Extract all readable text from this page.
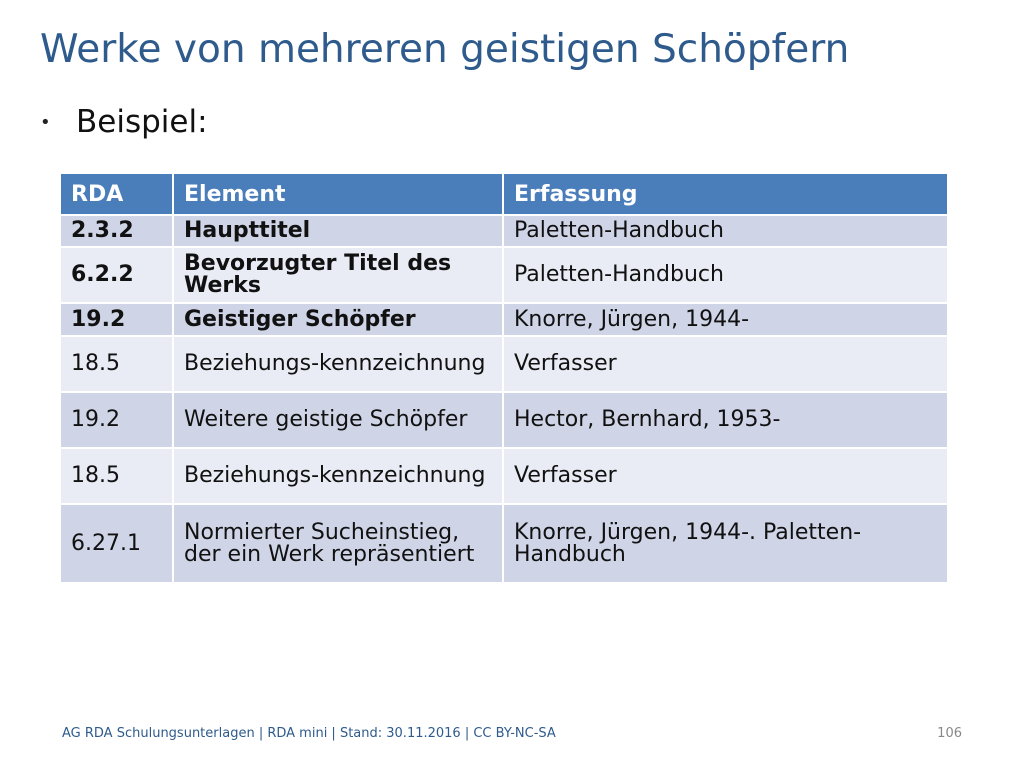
Werke von mehreren geistigen Schöpfern
• Beispiel:
RDA	Element	Erfassung
2.3.2	Haupttitel	Paletten-Handbuch
6.2.2	Bevorzugter Titel des Werks	Paletten-Handbuch
19.2	Geistiger Schöpfer	Knorre, Jürgen, 1944-
18.5	Beziehungs-kennzeichnung	Verfasser
19.2	Weitere geistige Schöpfer	Hector, Bernhard, 1953-
18.5	Beziehungs-kennzeichnung	Verfasser
6.27.1	Normierter Sucheinstieg, der ein Werk repräsentiert	Knorre, Jürgen, 1944-. Paletten-Handbuch
AG RDA Schulungsunterlagen | RDA mini | Stand: 30.11.2016 | CC BY-NC-SA	106
